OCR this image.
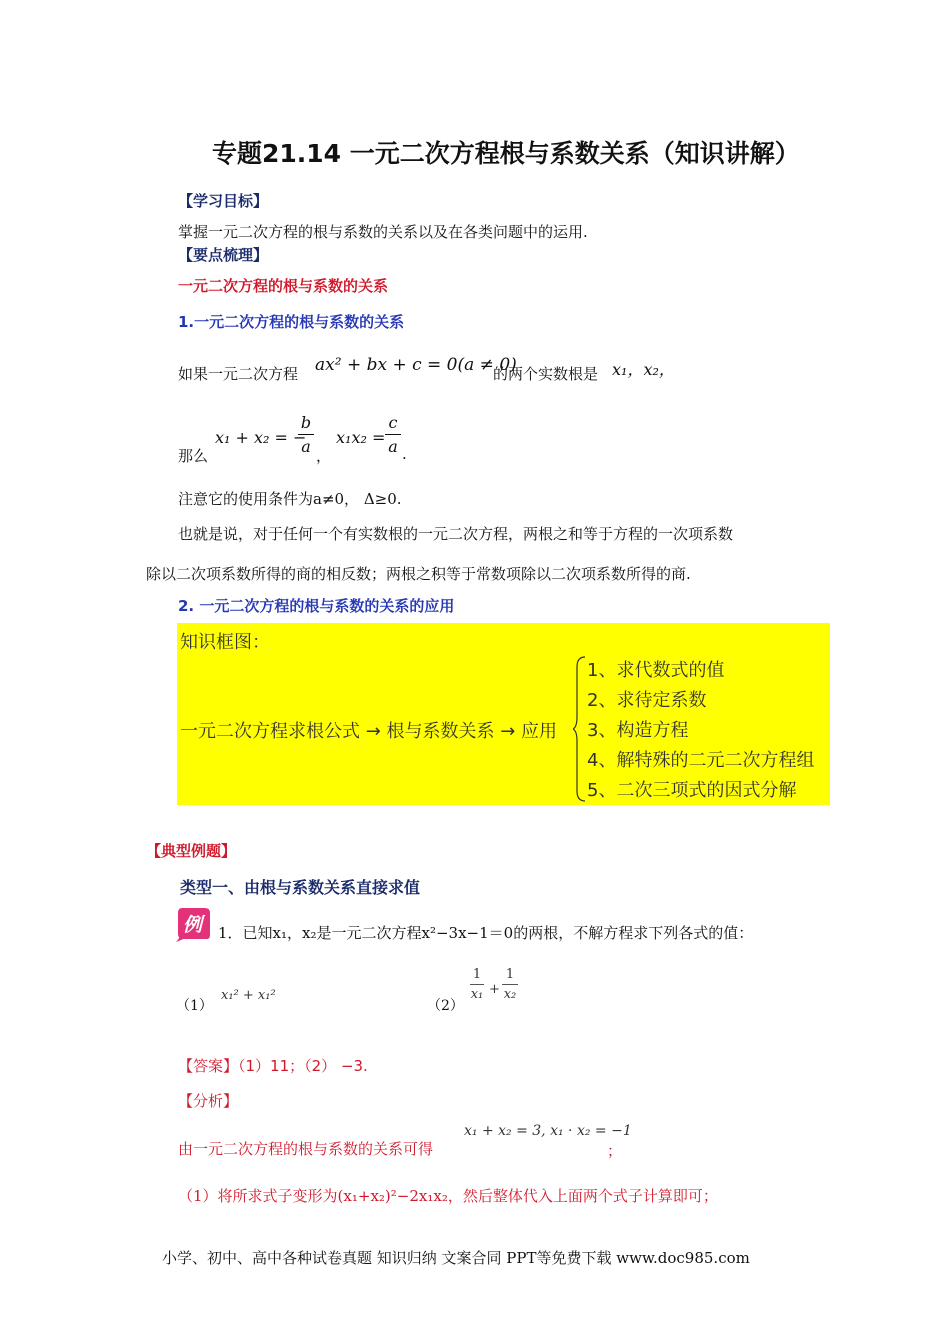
专题21.14 一元二次方程根与系数关系（知识讲解）
【学习目标】
掌握一元二次方程的根与系数的关系以及在各类问题中的运用.
【要点梳理】
一元二次方程的根与系数的关系
1.一元二次方程的根与系数的关系
如果一元二次方程 ax² + bx + c = 0(a ≠ 0)
的两个实数根是 x₁，x₂，
那么
x₁ + x₂ = −
b
a ，
x₁x₂ =
c
a .
注意它的使用条件为a≠0， Δ≥0.
也就是说，对于任何一个有实数根的一元二次方程，两根之和等于方程的一次项系数
除以二次项系数所得的商的相反数；两根之积等于常数项除以二次项系数所得的商.
2. 一元二次方程的根与系数的关系的应用
知识框图：
一元二次方程求根公式 → 根与系数关系 → 应用
1、求代数式的值
2、求待定系数
3、构造方程
4、解特殊的二元二次方程组
5、二次三项式的因式分解
【典型例题】
类型一、由根与系数关系直接求值
例 1．已知x₁，x₂是一元二次方程x²−3x−1＝0的两根，不解方程求下列各式的值：
（1）
x₁² + x₁²
（2）
1
x₁ +
1
x₂
【答案】（1）11；（2） −3.
【分析】
由一元二次方程的根与系数的关系可得
x₁ + x₂ = 3, x₁ · x₂ = −1
；
（1）将所求式子变形为(x₁+x₂)²−2x₁x₂，然后整体代入上面两个式子计算即可；
小学、初中、高中各种试卷真题 知识归纳 文案合同 PPT等免费下载 www.doc985.com
